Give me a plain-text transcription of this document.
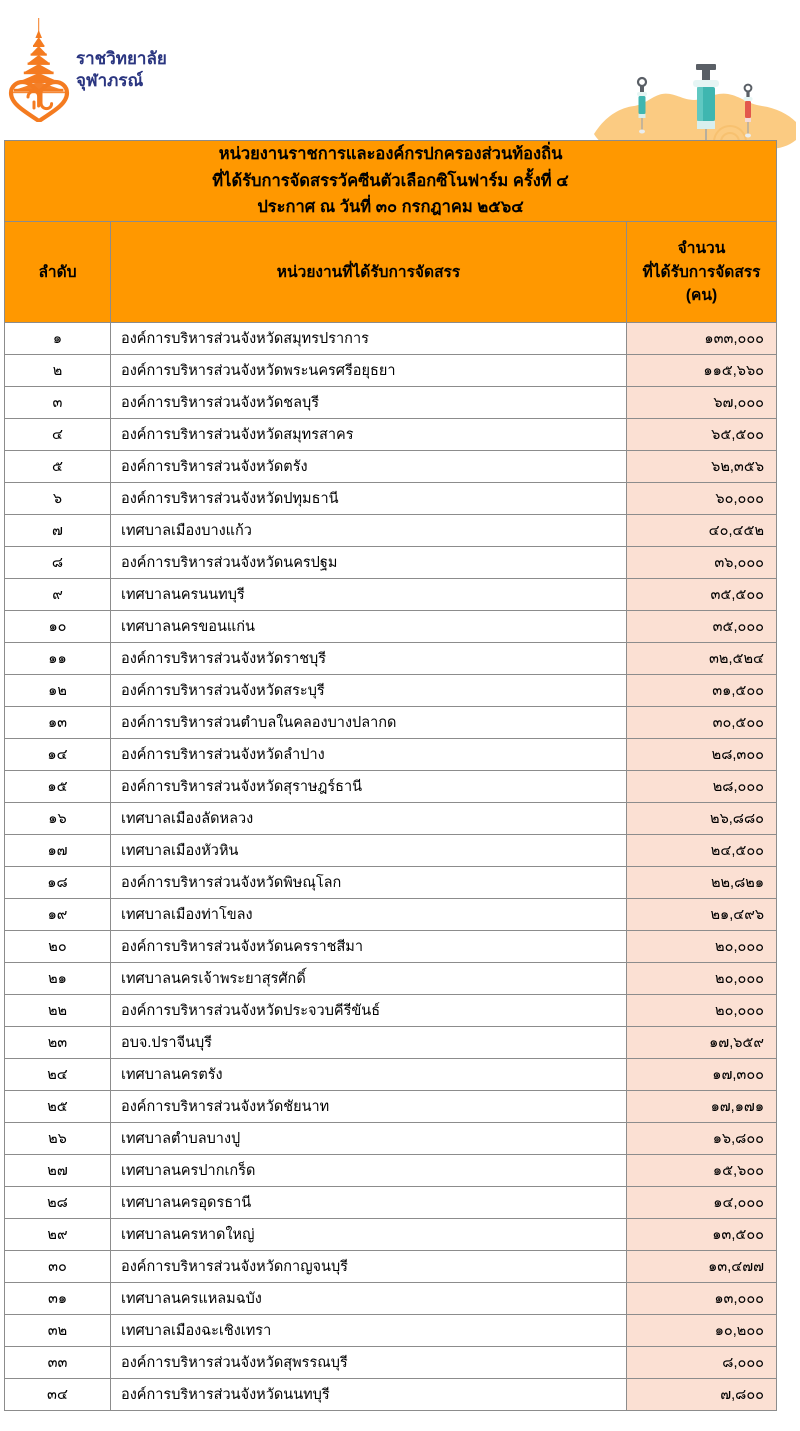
ราชวิทยาลัย
จุฬาภรณ์
หน่วยงานราชการและองค์กรปกครองส่วนท้องถิ่น
ที่ได้รับการจัดสรรวัคซีนตัวเลือกซิโนฟาร์ม ครั้งที่ ๔
ประกาศ ณ วันที่ ๓๐ กรกฎาคม ๒๕๖๔		

ลำดับ	หน่วยงานที่ได้รับการจัดสรร	จำนวน
ที่ได้รับการจัดสรร
(คน)

๑	องค์การบริหารส่วนจังหวัดสมุทรปราการ	๑๓๓,๐๐๐
๒	องค์การบริหารส่วนจังหวัดพระนครศรีอยุธยา	๑๑๕,๖๖๐
๓	องค์การบริหารส่วนจังหวัดชลบุรี	๖๗,๐๐๐
๔	องค์การบริหารส่วนจังหวัดสมุทรสาคร	๖๕,๕๐๐
๕	องค์การบริหารส่วนจังหวัดตรัง	๖๒,๓๕๖
๖	องค์การบริหารส่วนจังหวัดปทุมธานี	๖๐,๐๐๐
๗	เทศบาลเมืองบางแก้ว	๔๐,๔๕๒
๘	องค์การบริหารส่วนจังหวัดนครปฐม	๓๖,๐๐๐
๙	เทศบาลนครนนทบุรี	๓๕,๕๐๐
๑๐	เทศบาลนครขอนแก่น	๓๕,๐๐๐
๑๑	องค์การบริหารส่วนจังหวัดราชบุรี	๓๒,๕๒๔
๑๒	องค์การบริหารส่วนจังหวัดสระบุรี	๓๑,๕๐๐
๑๓	องค์การบริหารส่วนตำบลในคลองบางปลากด	๓๐,๕๐๐
๑๔	องค์การบริหารส่วนจังหวัดลำปาง	๒๘,๓๐๐
๑๕	องค์การบริหารส่วนจังหวัดสุราษฎร์ธานี	๒๘,๐๐๐
๑๖	เทศบาลเมืองลัดหลวง	๒๖,๘๘๐
๑๗	เทศบาลเมืองหัวหิน	๒๔,๕๐๐
๑๘	องค์การบริหารส่วนจังหวัดพิษณุโลก	๒๒,๘๒๑
๑๙	เทศบาลเมืองท่าโขลง	๒๑,๔๙๖
๒๐	องค์การบริหารส่วนจังหวัดนครราชสีมา	๒๐,๐๐๐
๒๑	เทศบาลนครเจ้าพระยาสุรศักดิ์	๒๐,๐๐๐
๒๒	องค์การบริหารส่วนจังหวัดประจวบคีรีขันธ์	๒๐,๐๐๐
๒๓	อบจ.ปราจีนบุรี	๑๗,๖๕๙
๒๔	เทศบาลนครตรัง	๑๗,๓๐๐
๒๕	องค์การบริหารส่วนจังหวัดชัยนาท	๑๗,๑๗๑
๒๖	เทศบาลตำบลบางปู	๑๖,๘๐๐
๒๗	เทศบาลนครปากเกร็ด	๑๕,๖๐๐
๒๘	เทศบาลนครอุดรธานี	๑๔,๐๐๐
๒๙	เทศบาลนครหาดใหญ่	๑๓,๕๐๐
๓๐	องค์การบริหารส่วนจังหวัดกาญจนบุรี	๑๓,๔๗๗
๓๑	เทศบาลนครแหลมฉบัง	๑๓,๐๐๐
๓๒	เทศบาลเมืองฉะเชิงเทรา	๑๐,๒๐๐
๓๓	องค์การบริหารส่วนจังหวัดสุพรรณบุรี	๘,๐๐๐
๓๔	องค์การบริหารส่วนจังหวัดนนทบุรี	๗,๘๐๐
